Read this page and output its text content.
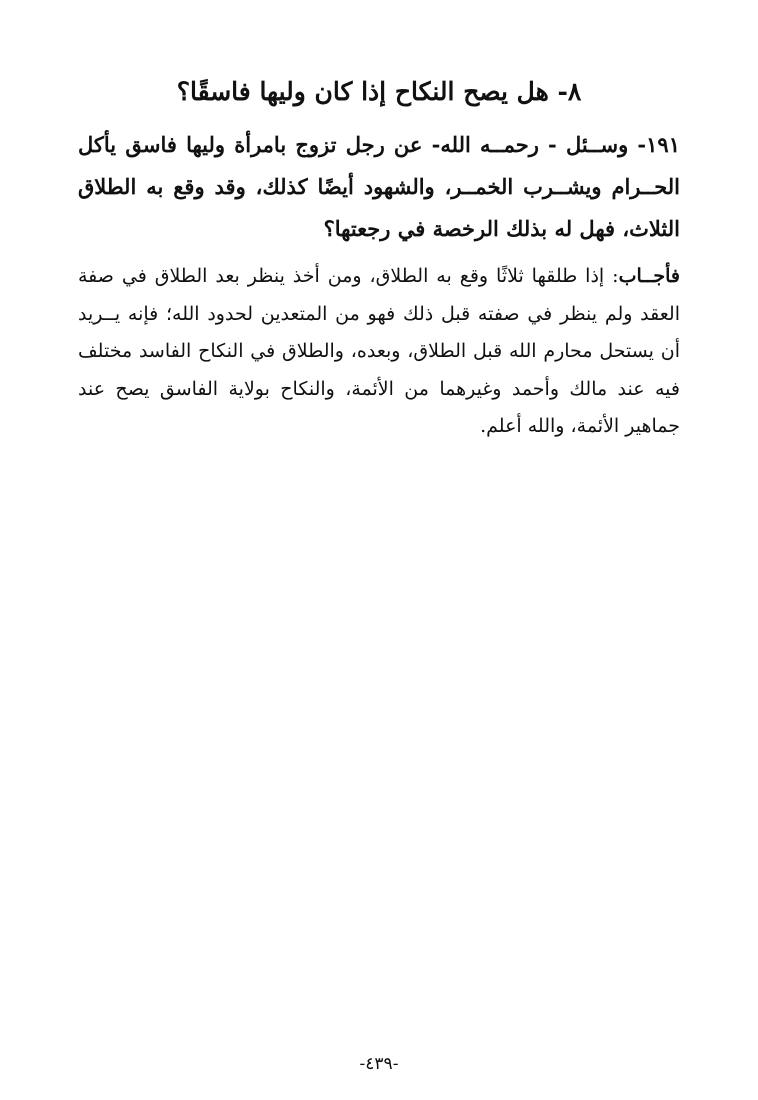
٨- هل يصح النكاح إذا كان وليها فاسقًا؟

١٩١- وســئل - رحمــه الله- عن رجل تزوج بامرأة وليها فاسق يأكل الحــرام ويشــرب الخمــر، والشهود أيضًا كذلك، وقد وقع به الطلاق الثلاث، فهل له بذلك الرخصة في رجعتها؟

فأجــاب: إذا طلقها ثلاثًا وقع به الطلاق، ومن أخذ ينظر بعد الطلاق في صفة العقد ولم ينظر في صفته قبل ذلك فهو من المتعدين لحدود الله؛ فإنه يــريد أن يستحل محارم الله قبل الطلاق، وبعده، والطلاق في النكاح الفاسد مختلف فيه عند مالك وأحمد وغيرهما من الأئمة، والنكاح بولاية الفاسق يصح عند جماهير الأئمة، والله أعلم.

-٤٣٩-
